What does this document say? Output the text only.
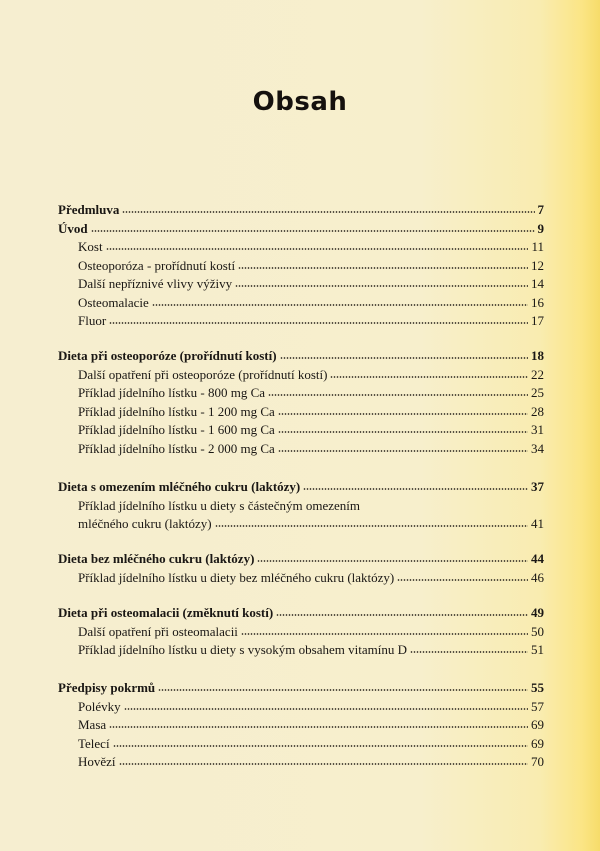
Obsah
Předmluva	7
Úvod	9
Kost	11
Osteoporóza - prořídnutí kostí	12
Další nepříznivé vlivy výživy	14
Osteomalacie	16
Fluor	17
Dieta při osteoporóze (prořídnutí kostí)	18
Další opatření při osteoporóze (prořídnutí kostí)	22
Příklad jídelního lístku - 800 mg Ca	25
Příklad jídelního lístku - 1 200 mg Ca	28
Příklad jídelního lístku - 1 600 mg Ca	31
Příklad jídelního lístku - 2 000 mg Ca	34
Dieta s omezením mléčného cukru (laktózy)	37
Příklad jídelního lístku u diety s částečným omezením
mléčného cukru (laktózy)	41
Dieta bez mléčného cukru (laktózy)	44
Příklad jídelního lístku u diety bez mléčného cukru (laktózy)	46
Dieta při osteomalacii (změknutí kostí)	49
Další opatření při osteomalacii	50
Příklad jídelního lístku u diety s vysokým obsahem vitamínu D	51
Předpisy pokrmů	55
Polévky	57
Masa	69
Telecí	69
Hovězí	70
